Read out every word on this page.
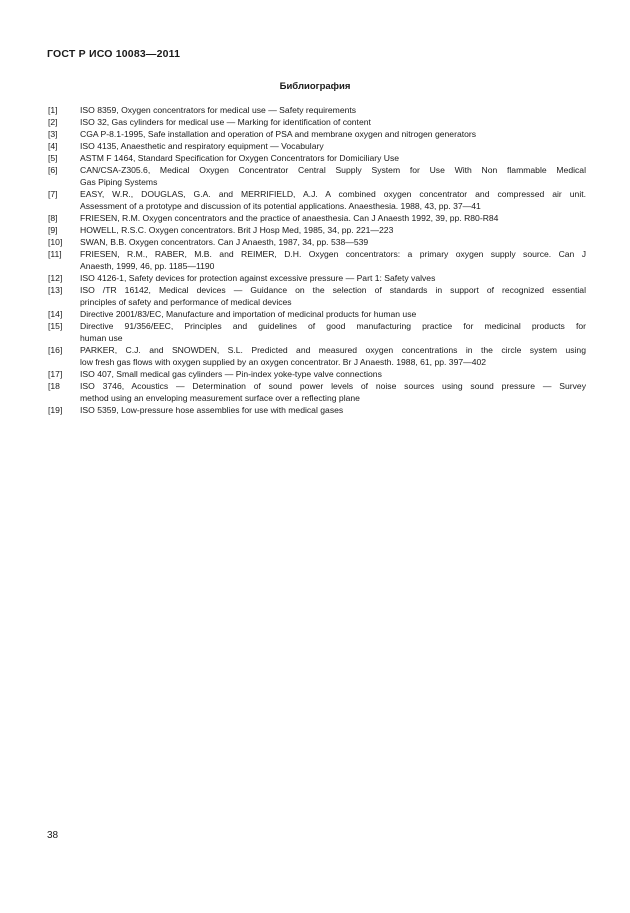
ГОСТ Р ИСО 10083—2011
Библиография
[1]	ISO 8359, Oxygen concentrators for medical use — Safety requirements
[2]	ISO 32, Gas cylinders for medical use — Marking for identification of content
[3]	CGA P-8.1-1995, Safe installation and operation of PSA and membrane oxygen and nitrogen generators
[4]	ISO 4135, Anaesthetic and respiratory equipment — Vocabulary
[5]	ASTM F 1464, Standard Specification for Oxygen Concentrators for Domiciliary Use
[6]	CAN/CSA-Z305.6, Medical Oxygen Concentrator Central Supply System for Use With Non flammable Medical
Gas Piping Systems
[7]	EASY, W.R., DOUGLAS, G.A. and MERRIFIELD, A.J. A combined oxygen concentrator and compressed air unit.
Assessment of a prototype and discussion of its potential applications. Anaesthesia. 1988, 43, pp. 37—41
[8]	FRIESEN, R.M. Oxygen concentrators and the practice of anaesthesia. Can J Anaesth 1992, 39, pp. R80-R84
[9]	HOWELL, R.S.C. Oxygen concentrators. Brit J Hosp Med, 1985, 34, pp. 221—223
[10]	SWAN, B.B. Oxygen concentrators. Can J Anaesth, 1987, 34, pp. 538—539
[11]	FRIESEN, R.M., RABER, M.B. and REIMER, D.H. Oxygen concentrators: a primary oxygen supply source. Can J
Anaesth, 1999, 46, pp. 1185—1190
[12]	ISO 4126-1, Safety devices for protection against excessive pressure — Part 1: Safety valves
[13]	ISO /TR 16142, Medical devices — Guidance on the selection of standards in support of recognized essential
principles of safety and performance of medical devices
[14]	Directive 2001/83/EC, Manufacture and importation of medicinal products for human use
[15]	Directive 91/356/EEC, Principles and guidelines of good manufacturing practice for medicinal products for
human use
[16]	PARKER, C.J. and SNOWDEN, S.L. Predicted and measured oxygen concentrations in the circle system using
low fresh gas flows with oxygen supplied by an oxygen concentrator. Br J Anaesth. 1988, 61, pp. 397—402
[17]	ISO 407, Small medical gas cylinders — Pin-index yoke-type valve connections
[18	ISO 3746, Acoustics — Determination of sound power levels of noise sources using sound pressure — Survey
method using an enveloping measurement surface over a reflecting plane
[19]	ISO 5359, Low-pressure hose assemblies for use with medical gases
38
